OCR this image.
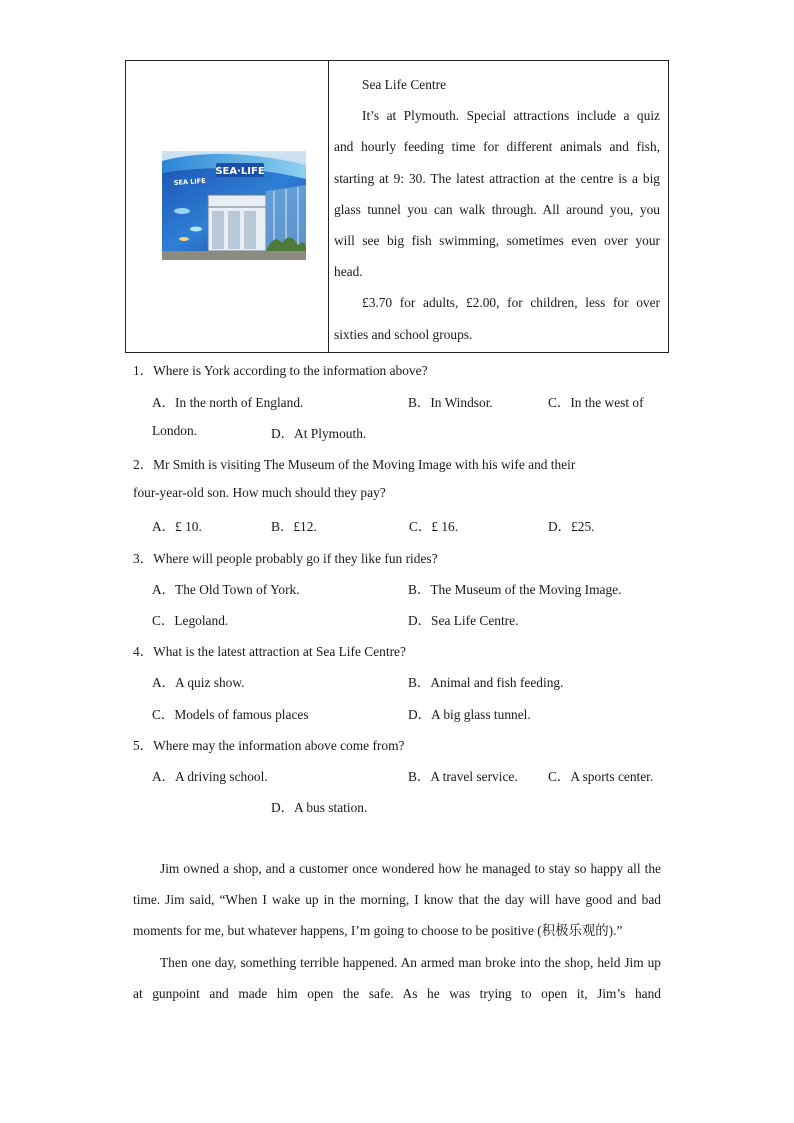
SEA·LIFE
SEA LIFE

Sea Life Centre

It’s at Plymouth. Special attractions include a quiz

and hourly feeding time for different animals and fish,

starting at 9: 30. The latest attraction at the centre is a big

glass tunnel you can walk through. All around you, you

will see big fish swimming, sometimes even over your

head.

£3.70 for adults, £2.00, for children, less for over

sixties and school groups.

1．Where is York according to the information above?
A．In the north of England.	B．In Windsor.	C．In the west of
London.	D．At Plymouth.
2．Mr Smith is visiting The Museum of the Moving Image with his wife and their
four-year-old son. How much should they pay?
A．£ 10.	B．£12.	C．£ 16.	D．£25.
3．Where will people probably go if they like fun rides?
A．The Old Town of York.	B．The Museum of the Moving Image.
C．Legoland.	D．Sea Life Centre.
4．What is the latest attraction at Sea Life Centre?
A．A quiz show.	B．Animal and fish feeding.
C．Models of famous places	D．A big glass tunnel.
5．Where may the information above come from?
A．A driving school.	B．A travel service. C．A sports center.
D．A bus station.

Jim owned a shop, and a customer once wondered how he managed to stay so happy all the time. Jim said, “When I wake up in the morning, I know that the day will have good and bad moments for me, but whatever happens, I’m going to choose to be positive (积极乐观的).”

Then one day, something terrible happened. An armed man broke into the shop, held Jim up at gunpoint and made him open the safe. As he was trying to open it, Jim’s hand
